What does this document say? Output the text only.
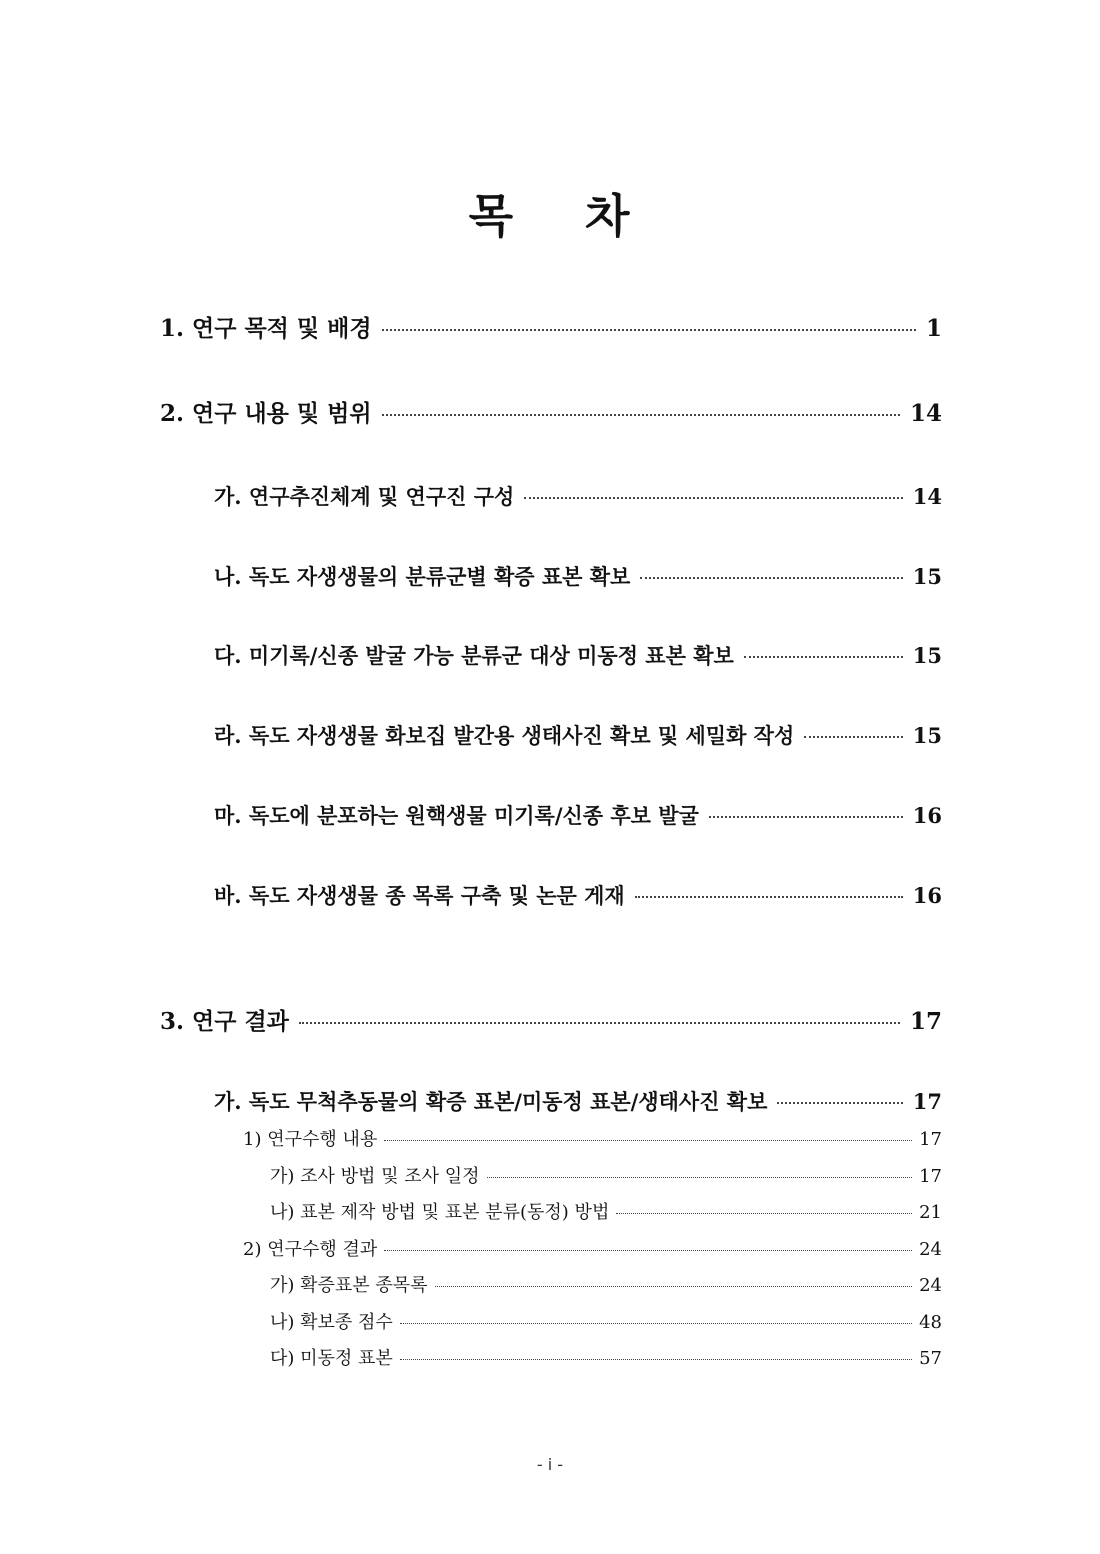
목 차
1. 연구 목적 및 배경	1
2. 연구 내용 및 범위	14
가. 연구추진체계 및 연구진 구성	14
나. 독도 자생생물의 분류군별 확증 표본 확보	15
다. 미기록/신종 발굴 가능 분류군 대상 미동정 표본 확보	15
라. 독도 자생생물 화보집 발간용 생태사진 확보 및 세밀화 작성	15
마. 독도에 분포하는 원핵생물 미기록/신종 후보 발굴	16
바. 독도 자생생물 종 목록 구축 및 논문 게재	16
3. 연구 결과	17
가. 독도 무척추동물의 확증 표본/미동정 표본/생태사진 확보	17
1) 연구수행 내용	17
가) 조사 방법 및 조사 일정	17
나) 표본 제작 방법 및 표본 분류(동정) 방법	21
2) 연구수행 결과	24
가) 확증표본 종목록	24
나) 확보종 점수	48
다) 미동정 표본	57
- i -
